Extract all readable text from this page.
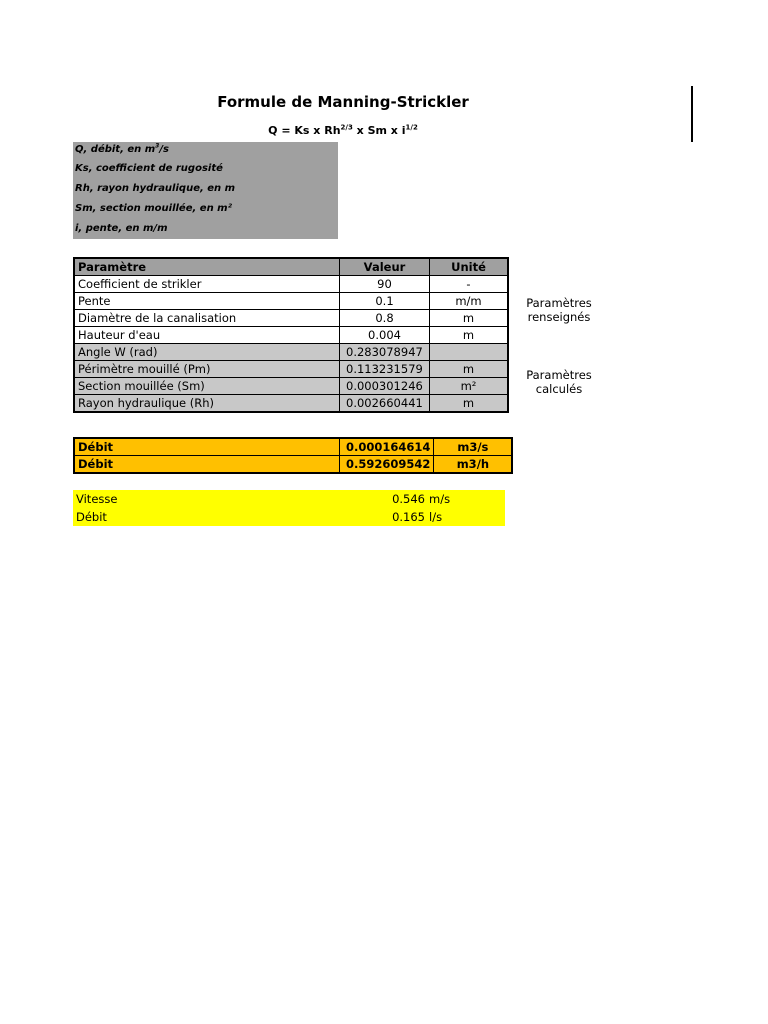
Formule de Manning-Strickler
Q = Ks x $Rh^{2/3}$ x Sm x $i^{1/2}$
Q, débit, en $m^3/s$
Ks, coefficient de rugosité
Rh, rayon hydraulique, en m
Sm, section mouillée, en m²
i, pente, en m/m
Paramètre	Valeur	Unité
Coefficient de strikler	90	-
Pente	0.1	m/m
Diamètre de la canalisation	0.8	m
Hauteur d'eau	0.004	m
Angle W (rad)	0.283078947	
Périmètre mouillé (Pm)	0.113231579	m
Section mouillée (Sm)	0.000301246	m²
Rayon hydraulique (Rh)	0.002660441	m
Paramètres
renseignés
Paramètres
calculés
Débit	0.000164614	m3/s
Débit	0.592609542	m3/h
Vitesse	0.546 m/s
Débit	0.165 l/s
